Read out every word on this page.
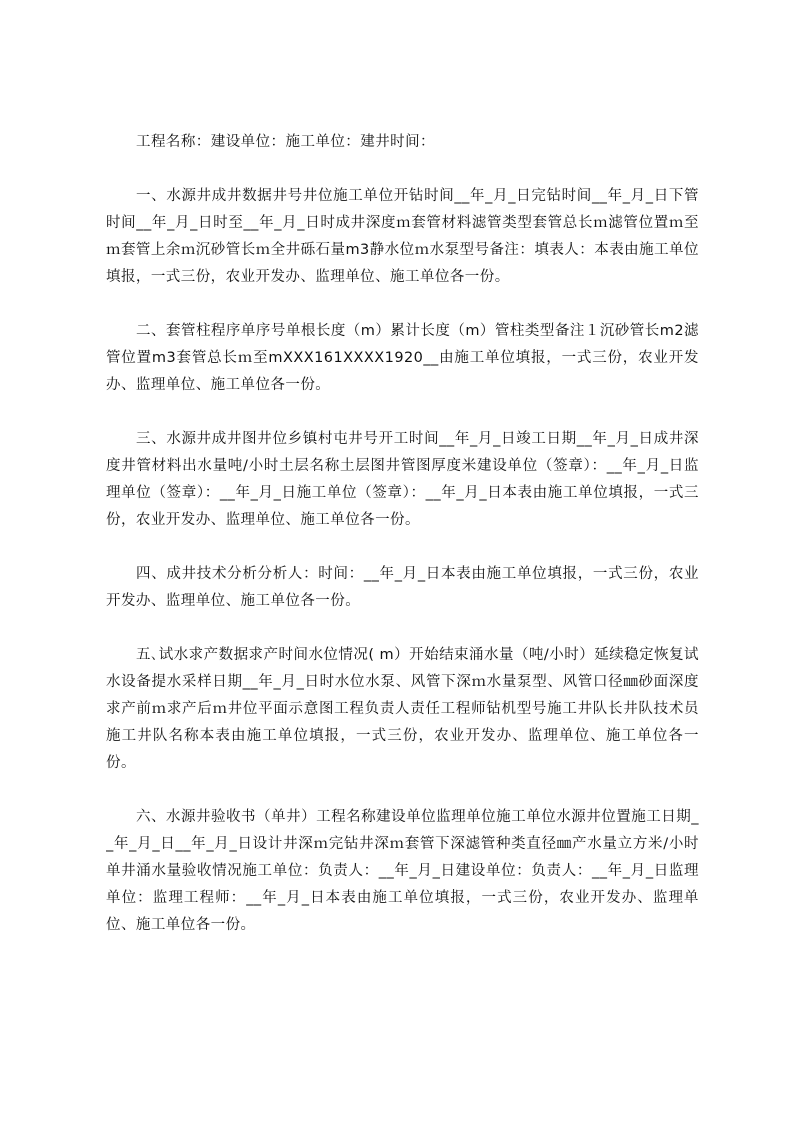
工程名称：建设单位：施工单位：建井时间：

一、水源井成井数据井号井位施工单位开钻时间__年_月_日完钻时间__年_月_日下管时间__年_月_日时至__年_月_日时成井深度ｍ套管材料滤管类型套管总长ｍ滤管位置ｍ至ｍ套管上余ｍ沉砂管长ｍ全井砾石量m3静水位ｍ水泵型号备注：填表人：本表由施工单位填报，一式三份，农业开发办、监理单位、施工单位各一份。

二、套管柱程序单序号单根长度（m）累计长度（m）管柱类型备注１沉砂管长m2滤管位置m3套管总长ｍ至mXXX161XXXX1920__由施工单位填报，一式三份，农业开发办、监理单位、施工单位各一份。

三、水源井成井图井位乡镇村屯井号开工时间__年_月_日竣工日期__年_月_日成井深度井管材料出水量吨/小时土层名称土层图井管图厚度米建设单位（签章）：__年_月_日监理单位（签章）：__年_月_日施工单位（签章）：__年_月_日本表由施工单位填报，一式三份，农业开发办、监理单位、施工单位各一份。

四、成井技术分析分析人：时间：__年_月_日本表由施工单位填报，一式三份，农业开发办、监理单位、施工单位各一份。

五､试水求产数据求产时间水位情况( m）开始结束涌水量（吨/小时）延续稳定恢复试水设备提水采样日期__年_月_日时水位水泵、风管下深ｍ水量泵型、风管口径㎜砂面深度求产前ｍ求产后ｍ井位平面示意图工程负责人责任工程师钻机型号施工井队长井队技术员施工井队名称本表由施工单位填报，一式三份，农业开发办、监理单位、施工单位各一份。

六、水源井验收书（单井）工程名称建设单位监理单位施工单位水源井位置施工日期__年_月_日__年_月_日设计井深ｍ完钻井深ｍ套管下深滤管种类直径㎜产水量立方米/小时单井涌水量验收情况施工单位：负责人：__年_月_日建设单位：负责人：__年_月_日监理单位：监理工程师：__年_月_日本表由施工单位填报，一式三份，农业开发办、监理单位、施工单位各一份。
